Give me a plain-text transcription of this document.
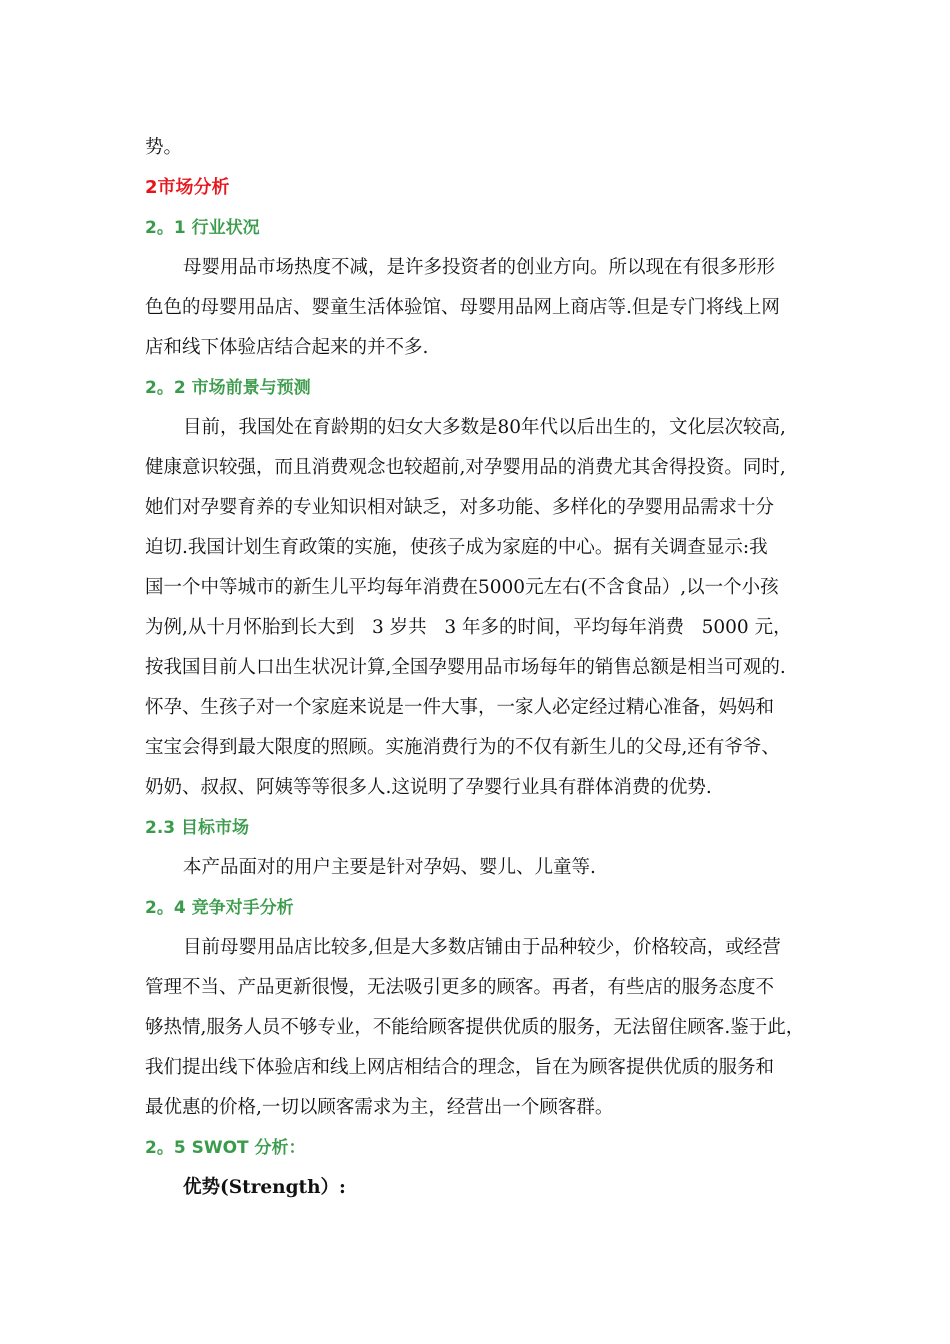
势。
2市场分析
2。1 行业状况
母婴用品市场热度不减，是许多投资者的创业方向。所以现在有很多形形
色色的母婴用品店、婴童生活体验馆、母婴用品网上商店等.但是专门将线上网
店和线下体验店结合起来的并不多.
2。2 市场前景与预测
目前，我国处在育龄期的妇女大多数是80年代以后出生的，文化层次较高,
健康意识较强，而且消费观念也较超前,对孕婴用品的消费尤其舍得投资。同时,
她们对孕婴育养的专业知识相对缺乏，对多功能、多样化的孕婴用品需求十分
迫切.我国计划生育政策的实施，使孩子成为家庭的中心。据有关调查显示:我
国一个中等城市的新生儿平均每年消费在5000元左右(不含食品）,以一个小孩
为例,从十月怀胎到长大到   3 岁共   3 年多的时间，平均每年消费   5000 元，
按我国目前人口出生状况计算,全国孕婴用品市场每年的销售总额是相当可观的.
怀孕、生孩子对一个家庭来说是一件大事，一家人必定经过精心准备，妈妈和
宝宝会得到最大限度的照顾。实施消费行为的不仅有新生儿的父母,还有爷爷、
奶奶、叔叔、阿姨等等很多人.这说明了孕婴行业具有群体消费的优势.
2.3 目标市场
本产品面对的用户主要是针对孕妈、婴儿、儿童等.
2。4 竞争对手分析
目前母婴用品店比较多,但是大多数店铺由于品种较少，价格较高，或经营
管理不当、产品更新很慢，无法吸引更多的顾客。再者，有些店的服务态度不
够热情,服务人员不够专业，不能给顾客提供优质的服务，无法留住顾客.鉴于此，
我们提出线下体验店和线上网店相结合的理念，旨在为顾客提供优质的服务和
最优惠的价格,一切以顾客需求为主，经营出一个顾客群。
2。5 SWOT 分析：
优势(Strength）:
